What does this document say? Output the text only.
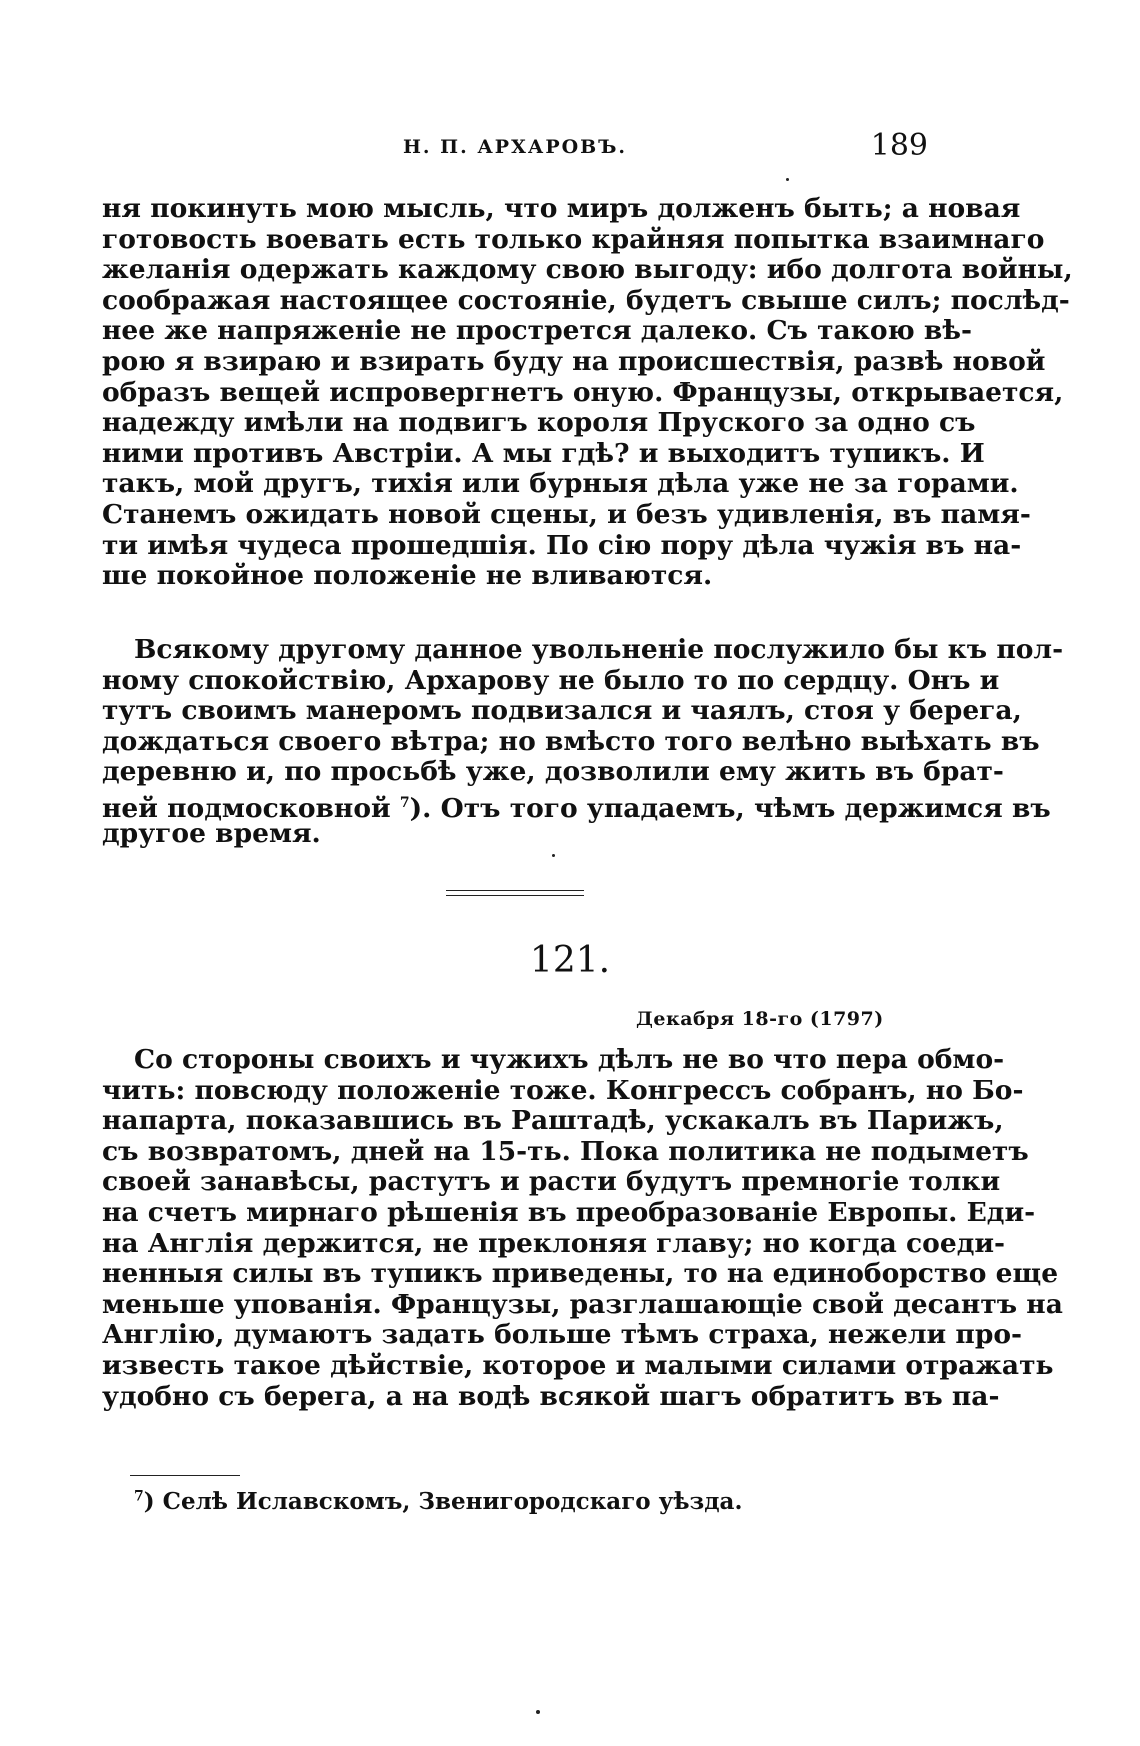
Н. П. АРХАРОВЪ.	189
ня покинуть мою мысль, что миръ долженъ быть; а новая
готовость воевать есть только крайняя попытка взаимнаго
желанія одержать каждому свою выгоду: ибо долгота войны,
соображая настоящее состояніе, будетъ свыше силъ; послѣд-
нее же напряженіе не прострется далеко. Съ такою вѣ-
рою я взираю и взирать буду на происшествія, развѣ новой
образъ вещей испровергнетъ оную. Французы, открывается,
надежду имѣли на подвигъ короля Пруского за одно съ
ними противъ Австріи. А мы гдѣ? и выходитъ тупикъ. И
такъ, мой другъ, тихія или бурныя дѣла уже не за горами.
Станемъ ожидать новой сцены, и безъ удивленія, въ памя-
ти имѣя чудеса прошедшія. По сію пору дѣла чужія въ на-
ше покойное положеніе не вливаются.
Всякому другому данное увольненіе послужило бы къ пол-
ному спокойствію, Архарову не было то по сердцу. Онъ и
тутъ своимъ манеромъ подвизался и чаялъ, стоя у берега,
дождаться своего вѣтра; но вмѣсто того велѣно выѣхать въ
деревню и, по просьбѣ уже, дозволили ему жить въ брат-
ней подмосковной $^7$). Отъ того упадаемъ, чѣмъ держимся въ
другое время.
121.
Декабря 18-го (1797)
Со стороны своихъ и чужихъ дѣлъ не во что пера обмо-
чить: повсюду положеніе тоже. Конгрессъ собранъ, но Бо-
напарта, показавшись въ Раштадѣ, ускакалъ въ Парижъ,
съ возвратомъ, дней на 15-ть. Пока политика не подыметъ
своей занавѣсы, растутъ и расти будутъ премногіе толки
на счетъ мирнаго рѣшенія въ преобразованіе Европы. Еди-
на Англія держится, не преклоняя главу; но когда соеди-
ненныя силы въ тупикъ приведены, то на единоборство еще
меньше упованія. Французы, разглашающіе свой десантъ на
Англію, думаютъ задать больше тѣмъ страха, нежели про-
известь такое дѣйствіе, которое и малыми силами отражать
удобно съ берега, а на водѣ всякой шагъ обратитъ въ па-
$^7$) Селѣ Иславскомъ, Звенигородскаго уѣзда.
